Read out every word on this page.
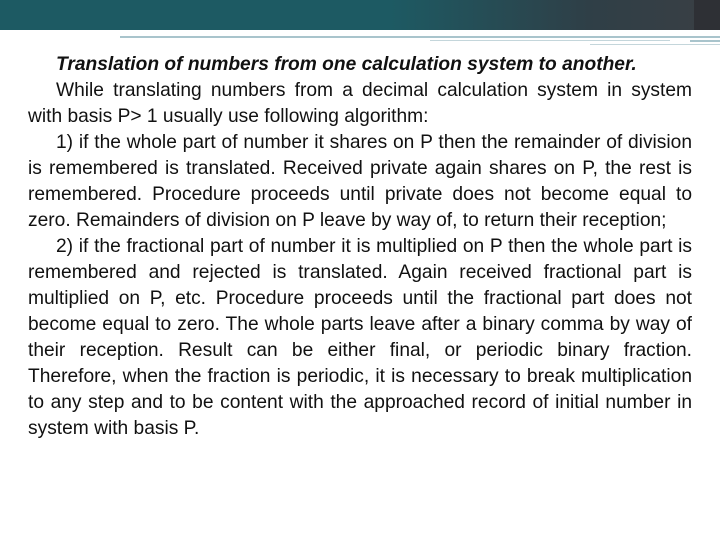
Translation of numbers from one calculation system to another.

While translating numbers from a decimal calculation system in system with basis P> 1 usually use following algorithm:

1) if the whole part of number it shares on P then the remainder of division is remembered is translated. Received private again shares on P, the rest is remembered. Procedure proceeds until private does not become equal to zero. Remainders of division on P leave by way of, to return their reception;

2) if the fractional part of number it is multiplied on P then the whole part is remembered and rejected is translated. Again received fractional part is multiplied on P, etc. Procedure proceeds until the fractional part does not become equal to zero. The whole parts leave after a binary comma by way of their reception. Result can be either final, or periodic binary fraction. Therefore, when the fraction is periodic, it is necessary to break multiplication to any step and to be content with the approached record of initial number in system with basis P.
